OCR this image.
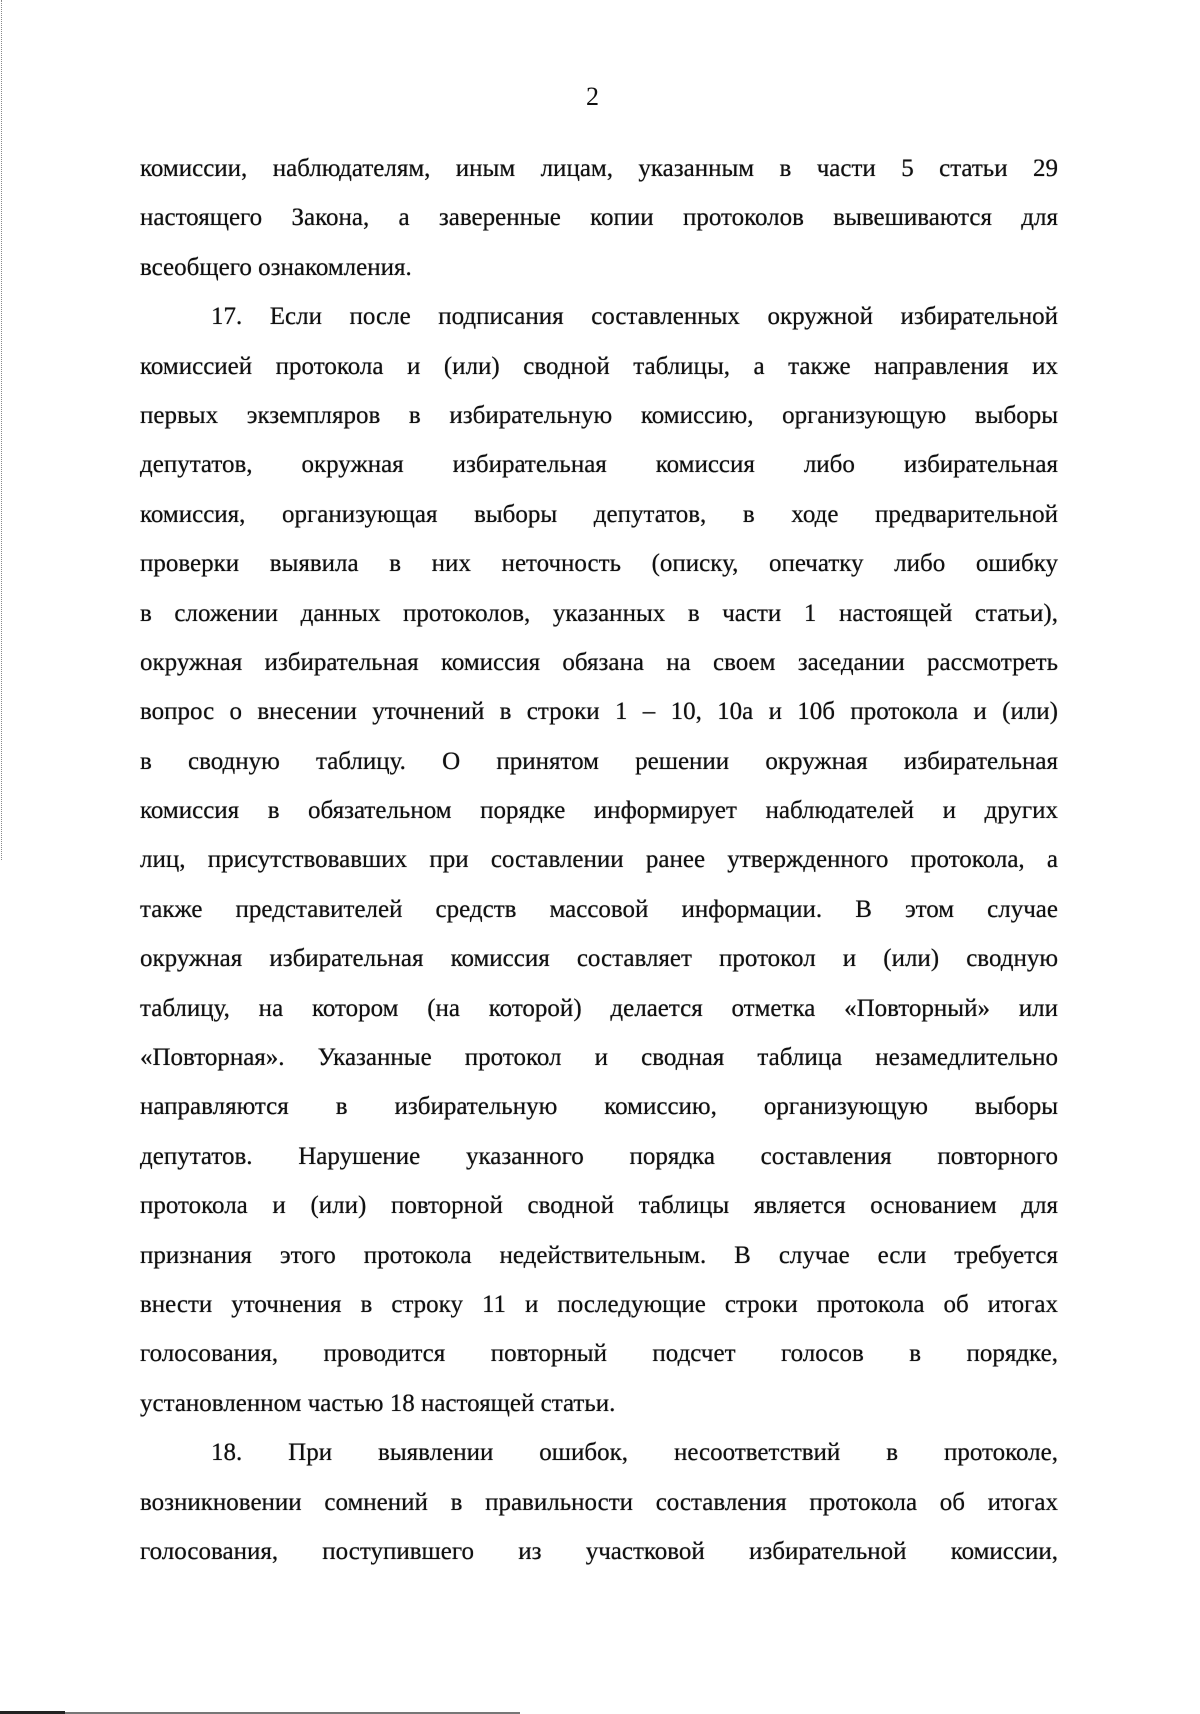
2
комиссии, наблюдателям, иным лицам, указанным в части 5 статьи 29
настоящего Закона, а заверенные копии протоколов вывешиваются для
всеобщего ознакомления.
17. Если после подписания составленных окружной избирательной
комиссией протокола и (или) сводной таблицы, а также направления их
первых экземпляров в избирательную комиссию, организующую выборы
депутатов, окружная избирательная комиссия либо избирательная
комиссия, организующая выборы депутатов, в ходе предварительной
проверки выявила в них неточность (описку, опечатку либо ошибку
в сложении данных протоколов, указанных в части 1 настоящей статьи),
окружная избирательная комиссия обязана на своем заседании рассмотреть
вопрос о внесении уточнений в строки 1 – 10, 10а и 10б протокола и (или)
в сводную таблицу. О принятом решении окружная избирательная
комиссия в обязательном порядке информирует наблюдателей и других
лиц, присутствовавших при составлении ранее утвержденного протокола, а
также представителей средств массовой информации. В этом случае
окружная избирательная комиссия составляет протокол и (или) сводную
таблицу, на котором (на которой) делается отметка «Повторный» или
«Повторная». Указанные протокол и сводная таблица незамедлительно
направляются в избирательную комиссию, организующую выборы
депутатов. Нарушение указанного порядка составления повторного
протокола и (или) повторной сводной таблицы является основанием для
признания этого протокола недействительным. В случае если требуется
внести уточнения в строку 11 и последующие строки протокола об итогах
голосования, проводится повторный подсчет голосов в порядке,
установленном частью 18 настоящей статьи.
18. При выявлении ошибок, несоответствий в протоколе,
возникновении сомнений в правильности составления протокола об итогах
голосования, поступившего из участковой избирательной комиссии,
